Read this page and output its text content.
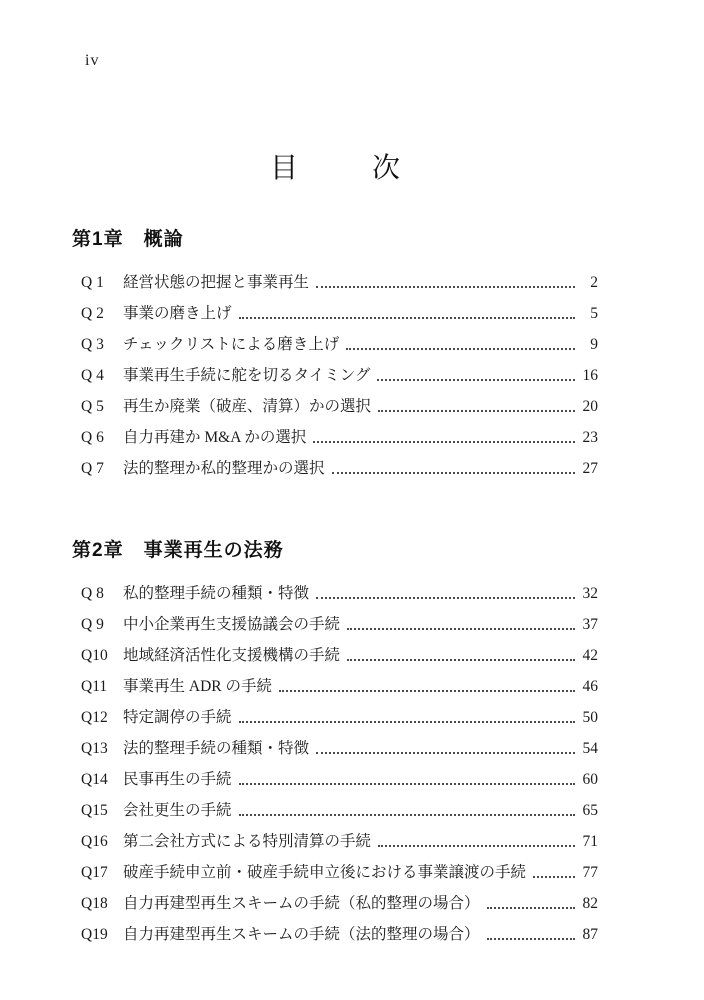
iv
目　　次
第1章　概論
Q 1	経営状態の把握と事業再生	2
Q 2	事業の磨き上げ	5
Q 3	チェックリストによる磨き上げ	9
Q 4	事業再生手続に舵を切るタイミング	16
Q 5	再生か廃業（破産、清算）かの選択	20
Q 6	自力再建か M&A かの選択	23
Q 7	法的整理か私的整理かの選択	27
第2章　事業再生の法務
Q 8	私的整理手続の種類・特徴	32
Q 9	中小企業再生支援協議会の手続	37
Q10 地域経済活性化支援機構の手続	42
Q11	事業再生 ADR の手続	46
Q12 特定調停の手続	50
Q13 法的整理手続の種類・特徴	54
Q14 民事再生の手続	60
Q15 会社更生の手続	65
Q16 第二会社方式による特別清算の手続	71
Q17 破産手続申立前・破産手続申立後における事業譲渡の手続	77
Q18 自力再建型再生スキームの手続（私的整理の場合）	82
Q19 自力再建型再生スキームの手続（法的整理の場合）	87
